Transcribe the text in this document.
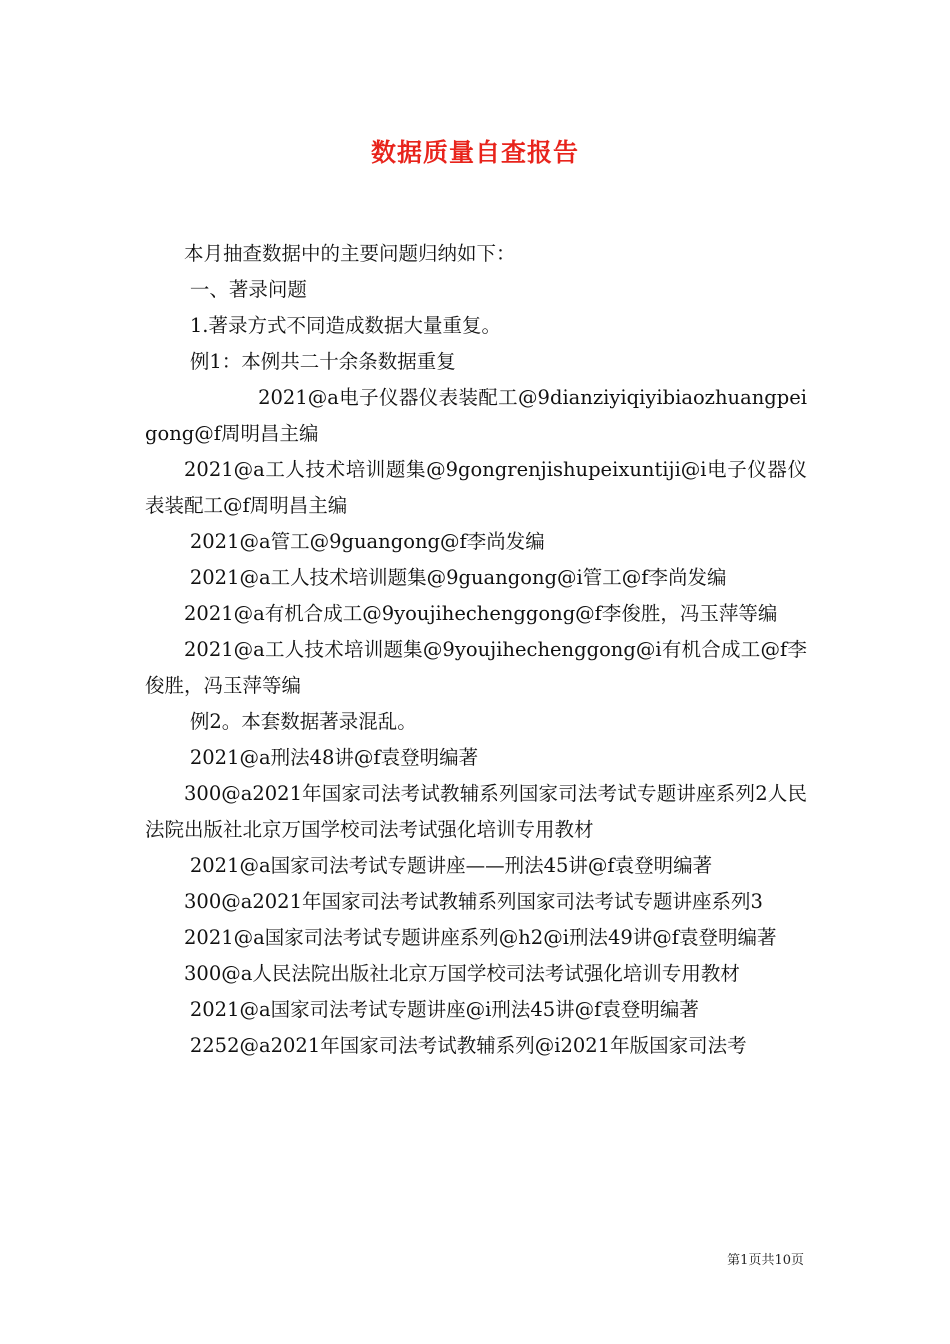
数据质量自查报告

本月抽查数据中的主要问题归纳如下：

一、著录问题

1.著录方式不同造成数据大量重复。

例1：本例共二十余条数据重复

2021@a电子仪器仪表装配工@9dianziyiqiyibiaozhuangpeigong@f周明昌主编

2021@a工人技术培训题集@9gongrenjishupeixuntiji@i电子仪器仪表装配工@f周明昌主编

2021@a管工@9guangong@f李尚发编

2021@a工人技术培训题集@9guangong@i管工@f李尚发编

2021@a有机合成工@9youjihechenggong@f李俊胜，冯玉萍等编

2021@a工人技术培训题集@9youjihechenggong@i有机合成工@f李俊胜，冯玉萍等编

例2。本套数据著录混乱。

2021@a刑法48讲@f袁登明编著

300@a2021年国家司法考试教辅系列国家司法考试专题讲座系列2人民法院出版社北京万国学校司法考试强化培训专用教材

2021@a国家司法考试专题讲座——刑法45讲@f袁登明编著

300@a2021年国家司法考试教辅系列国家司法考试专题讲座系列3

2021@a国家司法考试专题讲座系列@h2@i刑法49讲@f袁登明编著

300@a人民法院出版社北京万国学校司法考试强化培训专用教材

2021@a国家司法考试专题讲座@i刑法45讲@f袁登明编著

2252@a2021年国家司法考试教辅系列@i2021年版国家司法考

第1页共10页
